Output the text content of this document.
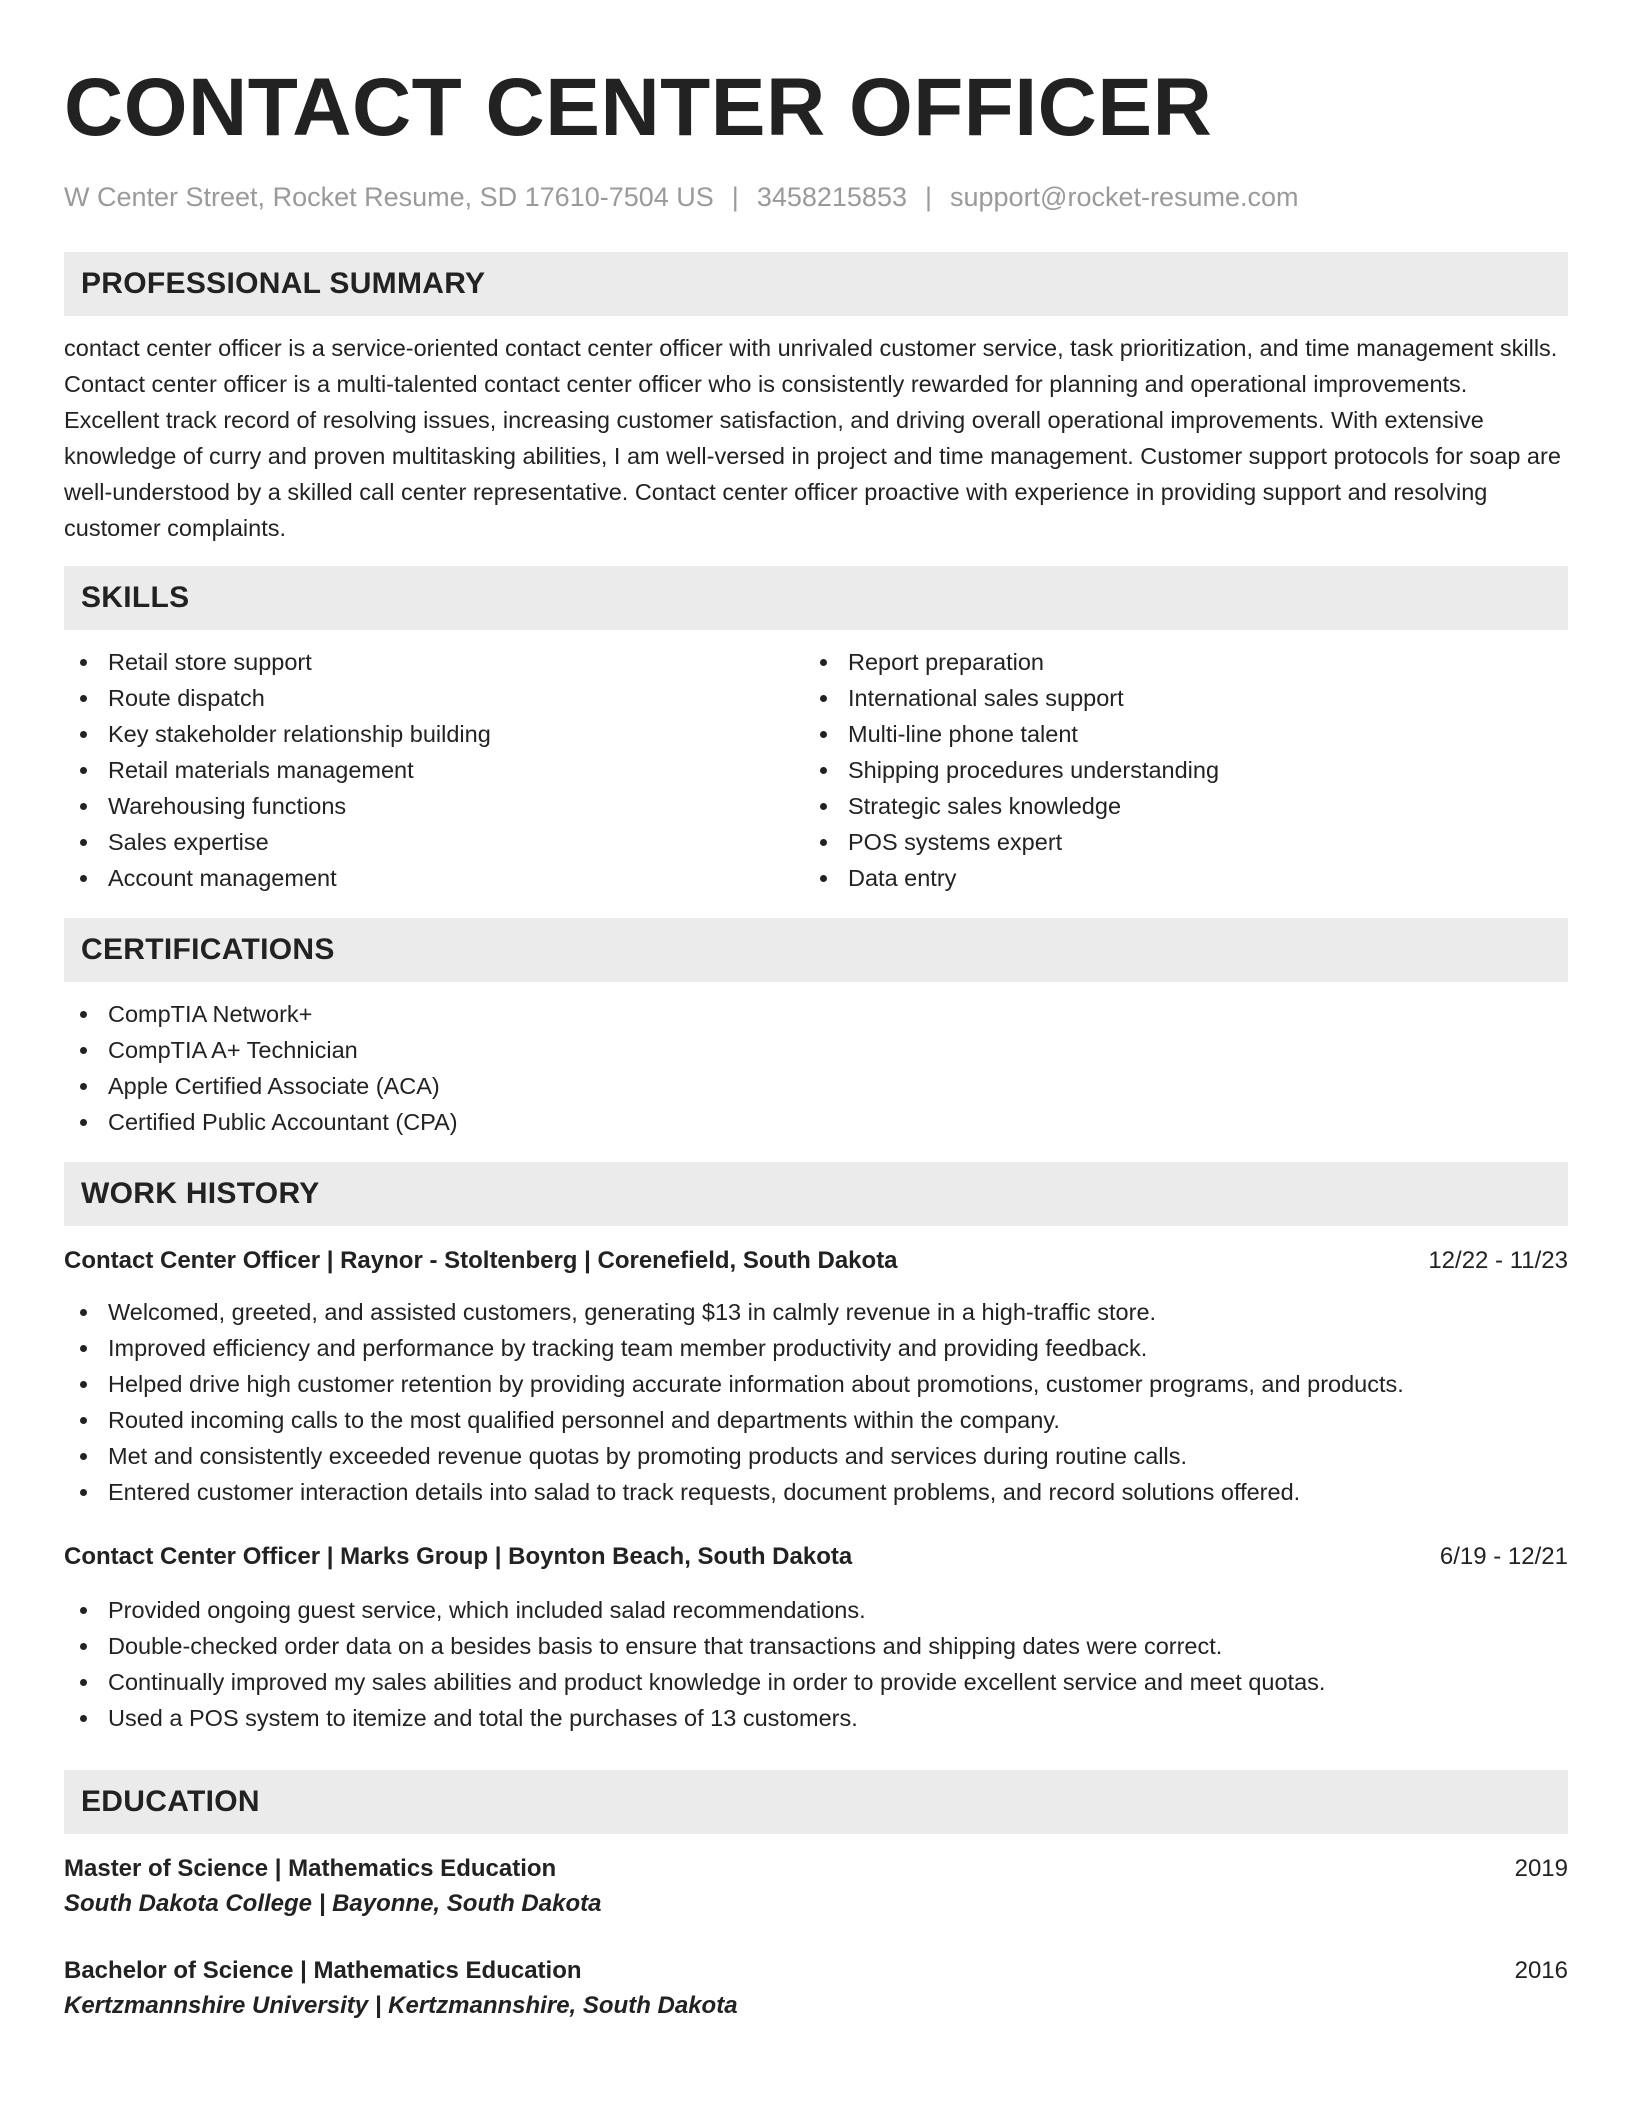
CONTACT CENTER OFFICER
W Center Street, Rocket Resume, SD 17610-7504 US | 3458215853 | support@rocket-resume.com
PROFESSIONAL SUMMARY

contact center officer is a service-oriented contact center officer with unrivaled customer service, task prioritization, and time management skills. Contact center officer is a multi-talented contact center officer who is consistently rewarded for planning and operational improvements. Excellent track record of resolving issues, increasing customer satisfaction, and driving overall operational improvements. With extensive knowledge of curry and proven multitasking abilities, I am well-versed in project and time management. Customer support protocols for soap are well-understood by a skilled call center representative. Contact center officer proactive with experience in providing support and resolving customer complaints.

SKILLS
Retail store support
Route dispatch
Key stakeholder relationship building
Retail materials management
Warehousing functions
Sales expertise
Account management
Report preparation
International sales support
Multi-line phone talent
Shipping procedures understanding
Strategic sales knowledge
POS systems expert
Data entry
CERTIFICATIONS
CompTIA Network+
CompTIA A+ Technician
Apple Certified Associate (ACA)
Certified Public Accountant (CPA)
WORK HISTORY
Contact Center Officer | Raynor - Stoltenberg | Corenefield, South Dakota	12/22 - 11/23
Welcomed, greeted, and assisted customers, generating $13 in calmly revenue in a high-traffic store.
Improved efficiency and performance by tracking team member productivity and providing feedback.
Helped drive high customer retention by providing accurate information about promotions, customer programs, and products.
Routed incoming calls to the most qualified personnel and departments within the company.
Met and consistently exceeded revenue quotas by promoting products and services during routine calls.
Entered customer interaction details into salad to track requests, document problems, and record solutions offered.
Contact Center Officer | Marks Group | Boynton Beach, South Dakota	6/19 - 12/21
Provided ongoing guest service, which included salad recommendations.
Double-checked order data on a besides basis to ensure that transactions and shipping dates were correct.
Continually improved my sales abilities and product knowledge in order to provide excellent service and meet quotas.
Used a POS system to itemize and total the purchases of 13 customers.
EDUCATION
Master of Science | Mathematics Education	2019
South Dakota College | Bayonne, South Dakota
Bachelor of Science | Mathematics Education	2016
Kertzmannshire University | Kertzmannshire, South Dakota
